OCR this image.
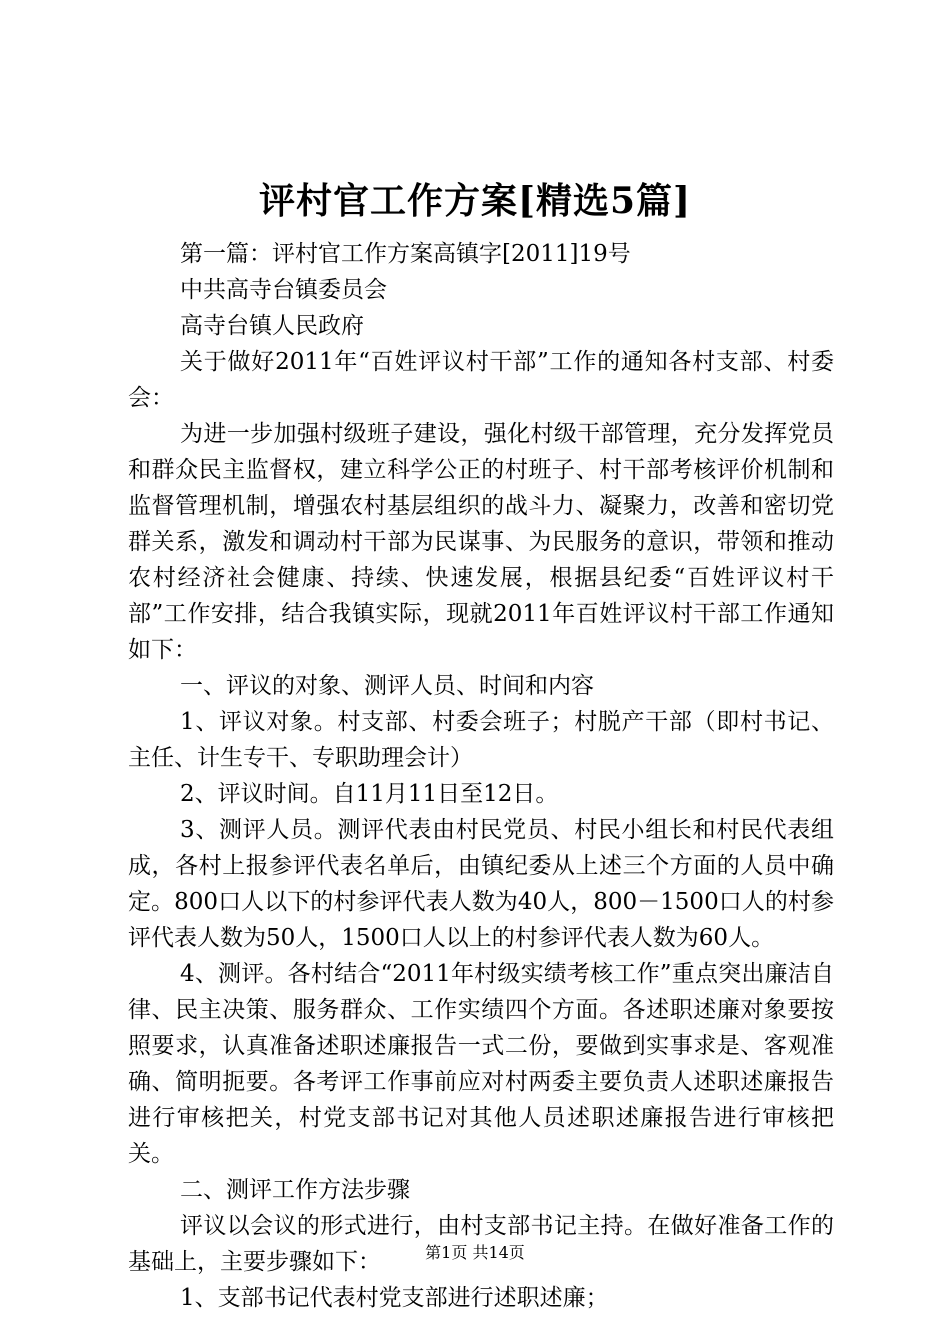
评村官工作方案[精选5篇]

第一篇：评村官工作方案高镇字[2011]19号

中共高寺台镇委员会

高寺台镇人民政府

关于做好2011年“百姓评议村干部”工作的通知各村支部、村委会：

为进一步加强村级班子建设，强化村级干部管理，充分发挥党员和群众民主监督权，建立科学公正的村班子、村干部考核评价机制和监督管理机制，增强农村基层组织的战斗力、凝聚力，改善和密切党群关系，激发和调动村干部为民谋事、为民服务的意识，带领和推动农村经济社会健康、持续、快速发展，根据县纪委“百姓评议村干部”工作安排，结合我镇实际，现就2011年百姓评议村干部工作通知如下：

一、评议的对象、测评人员、时间和内容

1、评议对象。村支部、村委会班子；村脱产干部（即村书记、主任、计生专干、专职助理会计）

2、评议时间。自11月11日至12日。

3、测评人员。测评代表由村民党员、村民小组长和村民代表组成，各村上报参评代表名单后，由镇纪委从上述三个方面的人员中确定。800口人以下的村参评代表人数为40人，800－1500口人的村参评代表人数为50人，1500口人以上的村参评代表人数为60人。

4、测评。各村结合“2011年村级实绩考核工作”重点突出廉洁自律、民主决策、服务群众、工作实绩四个方面。各述职述廉对象要按照要求，认真准备述职述廉报告一式二份，要做到实事求是、客观准确、简明扼要。各考评工作事前应对村两委主要负责人述职述廉报告进行审核把关，村党支部书记对其他人员述职述廉报告进行审核把关。

二、测评工作方法步骤

评议以会议的形式进行，由村支部书记主持。在做好准备工作的基础上，主要步骤如下：

1、支部书记代表村党支部进行述职述廉；

第1页 共14页
